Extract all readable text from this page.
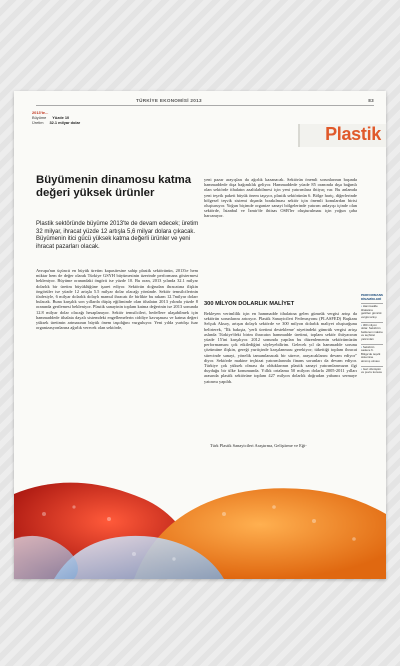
TÜRKİYE EKONOMİSİ 2013	83
2013'te...
Büyüme Yüzde 10
Üretim 32.1 milyar dolar
Plastik
Büyümenin dinamosu katma değeri yüksek ürünler
Plastik sektöründe büyüme 2013'te de devam edecek; üretim 32 milyar, ihracat yüzde 12 artışla 5,6 milyar dolara çıkacak. Büyümenin itici gücü yüksek katma değerli ürünler ve yeni ihracat pazarları olacak.
Avrupa'nın üçüncü en büyük üretim kapasitesine sahip plastik sektörünün, 2013'te hem miktar hem de değer olarak Türkiye GSYH büyümesinin üzerinde performans göstermesi bekleniyor. Büyüme oranındaki öngörü ise yüzde 10. Bu oran, 2013 yılında 32.1 milyar dolarlık bir üretim büyüklüğüne işaret ediyor. Sektörün doğrudan ihracatına ilişkin öngörüler ise yüzde 12 artışla 5.5 milyar dolar olacağı yönünde. Sektör temsilcilerinin ifadesiyle, 6 milyar dolarlık dolaylı mamul ihracatı ile birlikte bu rakam 12.7milyar dolarr bulacak. Buna karşılık son yıllarda düşüş eğiliminde olan ithalatın 2013 yılında yüzde 8 oranında gerilemesi bekleniyor. Plastik sanayinin toplam katma değerinin ise 2013 sonunda 12.8 milyar dolar olacağı hesaplanıyor. Sektör temsilcileri, hedeflere ulaşabilmek için hammaddede ithalata dayalı sistemdeki engellemelerin ciddiye kavuşması ve katma değeri yüksek üretimin artmasının büyük önem taşıdığını vurguluyor. Yeni yılda yurtdışı fuar organizasyonlarına ağırlık verecek olan sektörde,
yeni pazar arayışları da ağırlık kazanacak. Sektörün önemli sorunlarının başında hammaddede dışa bağımlılık geliyor. Hammaddede yüzde 85 oranında dışa bağımlı olan sektörde ithalatın azaltılabilmesi için yeni yatırımlara ihtiyaç var. Bu anlamda yeni teşvik paketi büyük önem taşıyor, plastik sektörünün 6. Bölge hariç, diğerlerinde bölgesel teşvik sistemi dışında bırakılması sektör için önemli konulardan birisi oluşturuyor. Yoğun biçimde organize sanayi bölgelerinde yatırım anlayışı içinde olan sektörde, İstanbul ve İzmir'de ihtisas OSB'ler oluşturulması için yoğun çaba harcanıyor.
300 MİLYON DOLARLIK MALİYET
Bekleyen verimlilik için en hammadde ithalatına gelen gümrük vergisi artışı da sektörün sorunlarını artırıyor. Plastik Sanayicileri Federasyonu (PLASFED) Başkanı Selçuk Aksoy, artışın dolaylı sektörde ve 300 milyon dolarlık maliyet oluşturğunu belirterek, "İlk bakışta, 'yerli üretimi destekleme' niyetindeki gümrük vergisi artışı aslında Türkiye'deki birim ihracatın hammadde üretimi, toplam sektör ihtiyacının yüzde 15'ini karşılıyor. 2012 sonunda yapılan bu düzenlemenin sektörümüzün performansını çok etkilediğini söyleyebilirim. Gelecek yıl da hammadde sorunu çözümüne ilişkin, gereği yurtiçinde karşılanması gerekiyor; tükettiği toplam ihracat sürecinde sanayi, yönelik tamamlanacak bir sürece, arayacaklarını devam ediyor" diyor. Sektörde makine teçhizat yatırımlarında finans sorunları da devam ediyor. Türkiye çok yüksek olması da olduklarının plastik sanayi yatırımlarımızın ilgi duyduğu bir ülke konumunda. Yıllık ortalama 50 milyon dolarla 2005-2011 yılları arasında plastik sektörüne toplam 427 milyon dolarlık doğrudan yabancı sermaye yatırımı yapıldı.
Türk Plastik Sanayicileri Araştırma, Geliştirme ve Eği-
PERFORMANS DİNAMİKLERİ
• Hammadde ithalatına getirilen gümrük vergisi artışı
• 300 milyon dolar. Sektörün beklenen makine ve teçhizat yatırımları
• Sektörün sadece 6. Bölge'de teşvik sistemine alınmış olması
• Geri dönüşüm ve çevre konusu
